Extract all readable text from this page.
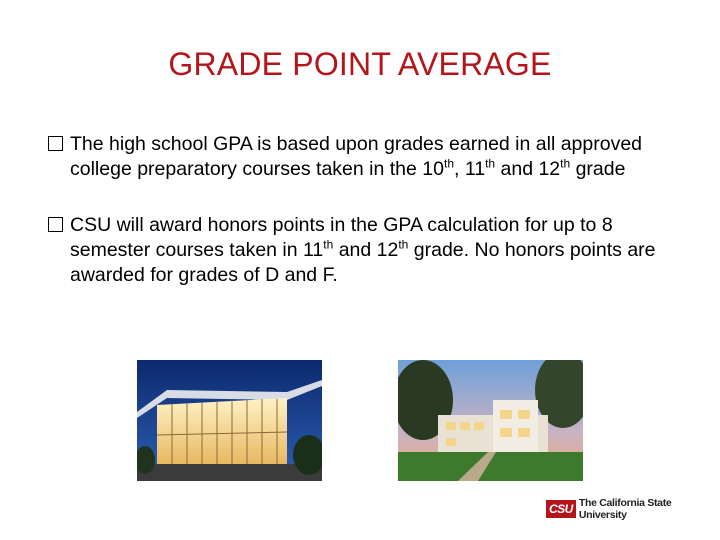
GRADE POINT AVERAGE
The high school GPA is based upon grades earned in all approved college preparatory courses taken in the 10th, 11th and 12th grade
CSU will award honors points in the GPA calculation for up to 8 semester courses taken in 11th and 12th grade. No honors points are awarded for grades of D and F.
CSU The California State University
